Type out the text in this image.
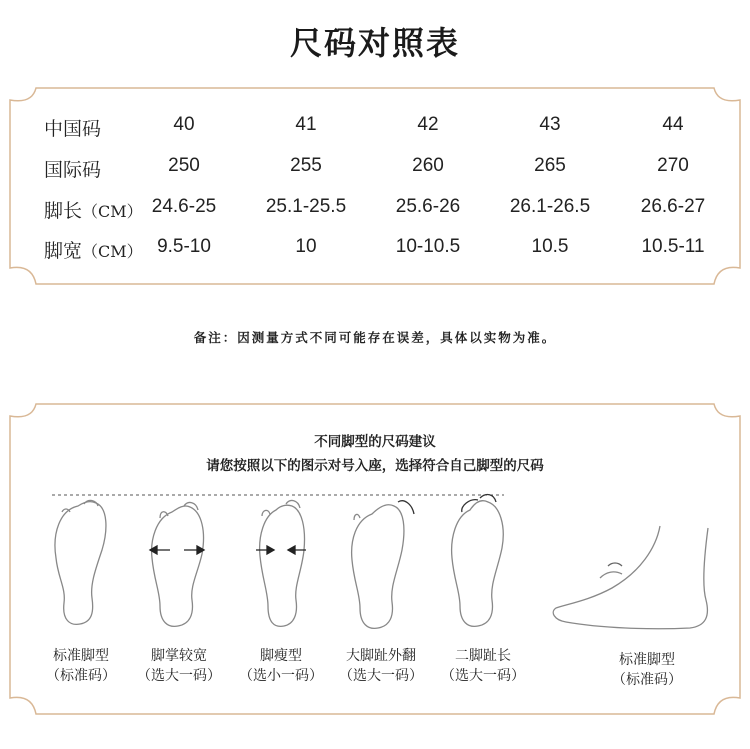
尺码对照表
中国码	40	41	42	43	44
国际码	250	255	260	265	270
脚长（CM） 24.6-25	25.1-25.5	25.6-26	26.1-26.5	26.6-27
脚宽（CM） 9.5-10	10	10-10.5	10.5	10.5-11
备注：因测量方式不同可能存在误差，具体以实物为准。
不同脚型的尺码建议
请您按照以下的图示对号入座，选择符合自己脚型的尺码
标准脚型
（标准码）
脚掌较宽
（选大一码）
脚瘦型
（选小一码）
大脚趾外翻
（选大一码）
二脚趾长
（选大一码）
标准脚型
（标准码）
